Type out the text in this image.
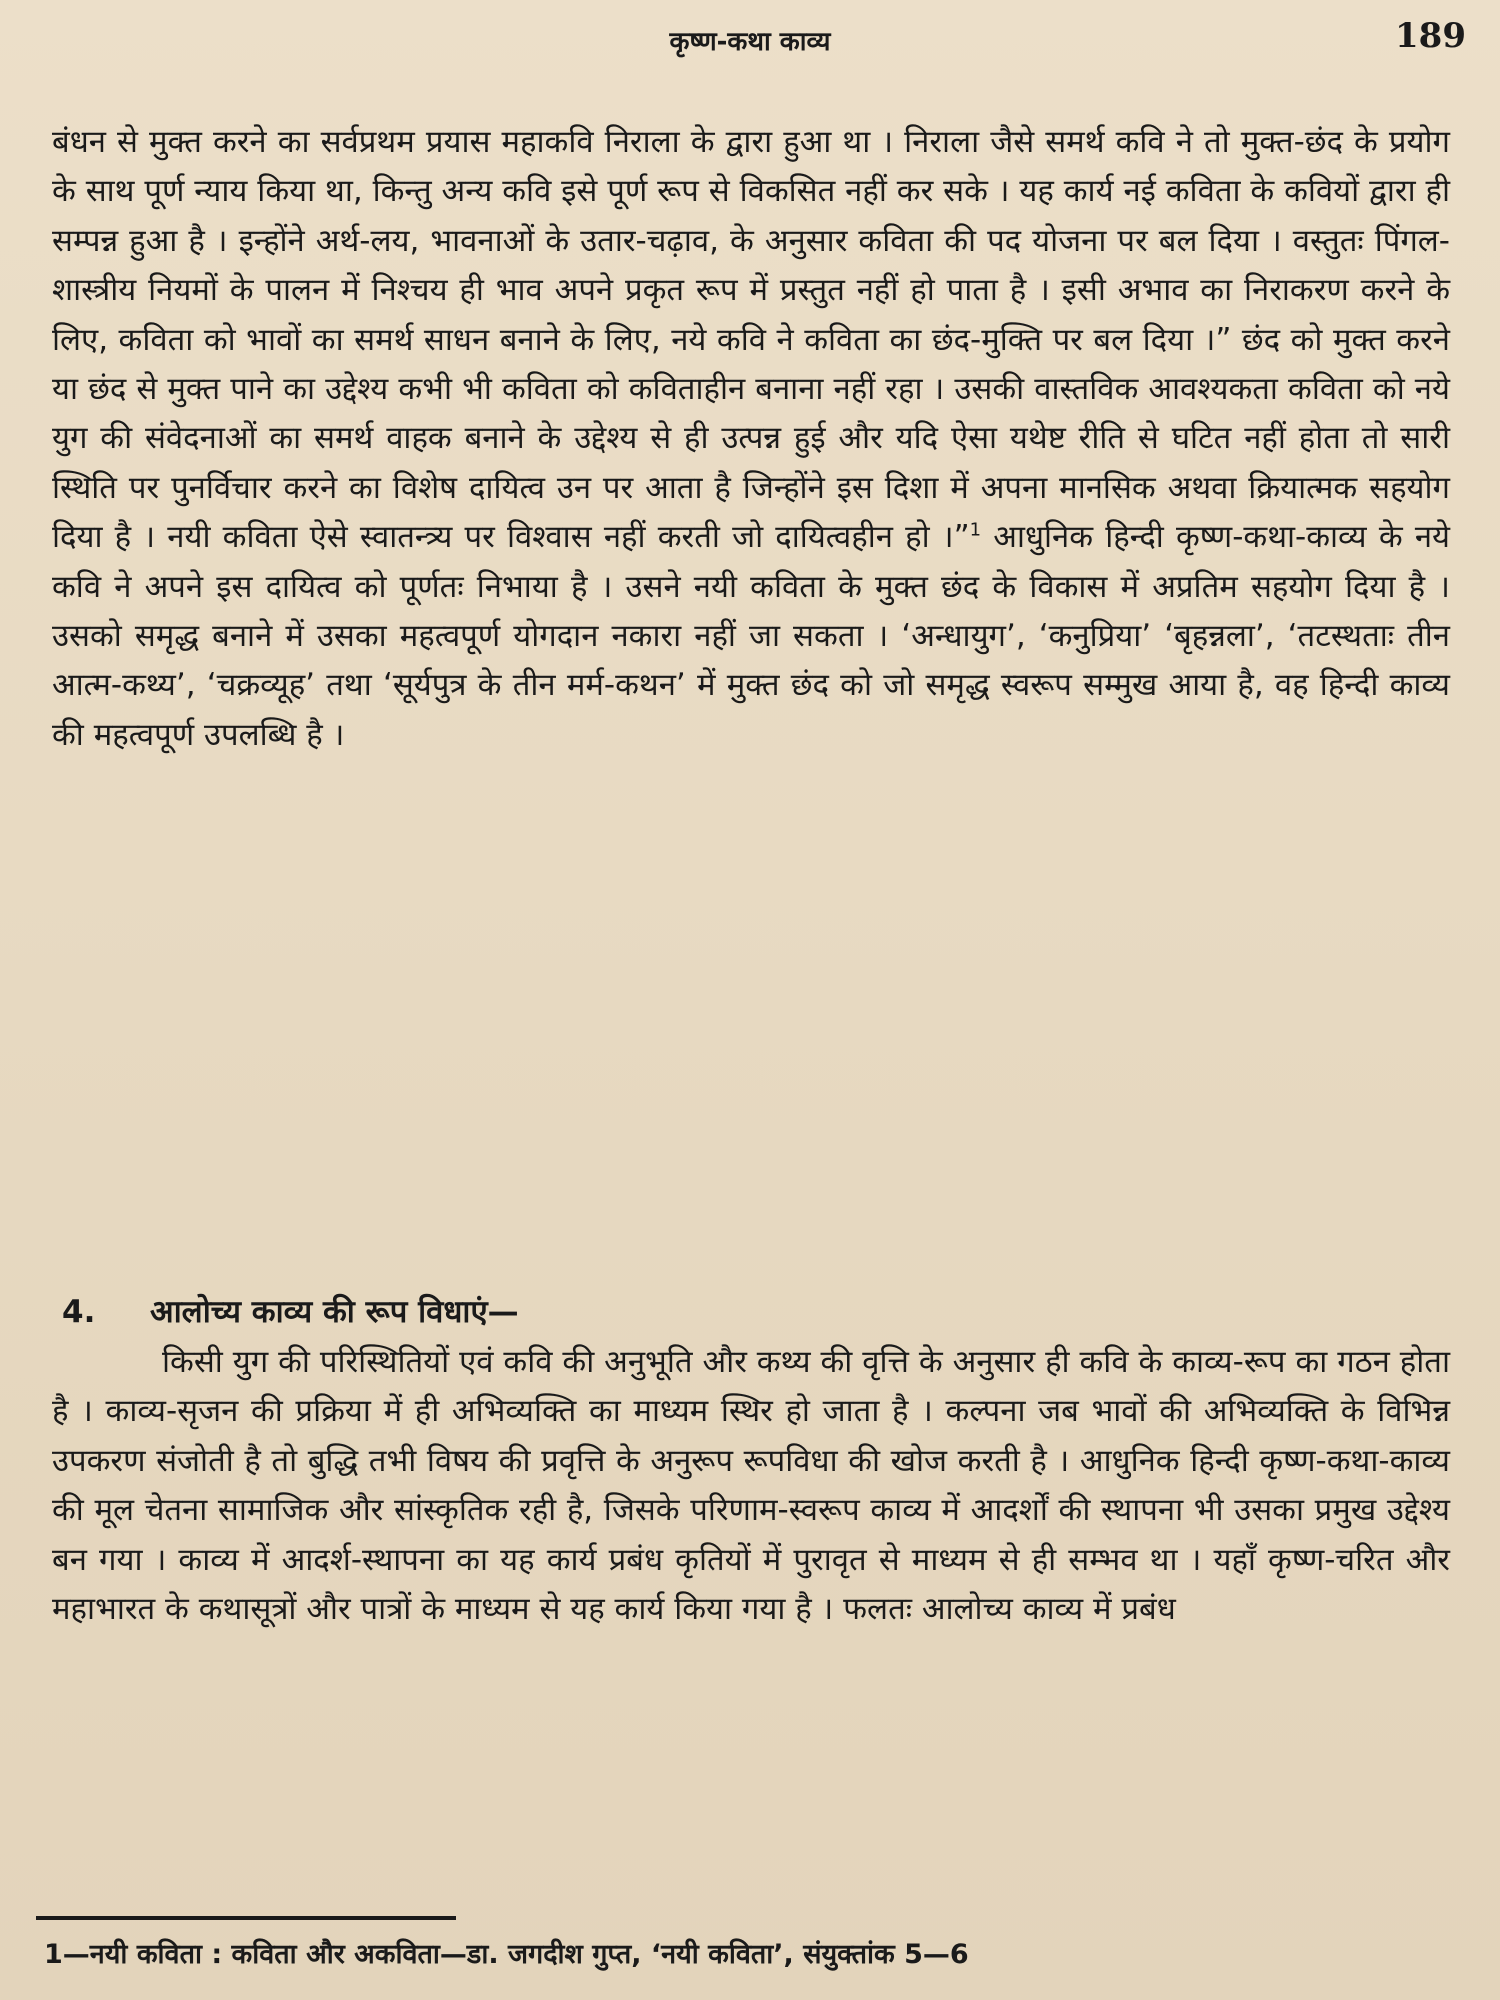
कृष्ण-कथा काव्य	189

बंधन से मुक्त करने का सर्वप्रथम प्रयास महाकवि निराला के द्वारा हुआ था । निराला जैसे समर्थ कवि ने तो मुक्त-छंद के प्रयोग के साथ पूर्ण न्याय किया था, किन्तु अन्य कवि इसे पूर्ण रूप से विकसित नहीं कर सके । यह कार्य नई कविता के कवियों द्वारा ही सम्पन्न हुआ है । इन्होंने अर्थ-लय, भावनाओं के उतार-चढ़ाव, के अनुसार कविता की पद योजना पर बल दिया । वस्तुतः पिंगल-शास्त्रीय नियमों के पालन में निश्चय ही भाव अपने प्रकृत रूप में प्रस्तुत नहीं हो पाता है । इसी अभाव का निराकरण करने के लिए, कविता को भावों का समर्थ साधन बनाने के लिए, नये कवि ने कविता का छंद-मुक्ति पर बल दिया ।” छंद को मुक्त करने या छंद से मुक्त पाने का उद्देश्य कभी भी कविता को कविताहीन बनाना नहीं रहा । उसकी वास्तविक आवश्यकता कविता को नये युग की संवेदनाओं का समर्थ वाहक बनाने के उद्देश्य से ही उत्पन्न हुई और यदि ऐसा यथेष्ट रीति से घटित नहीं होता तो सारी स्थिति पर पुनर्विचार करने का विशेष दायित्व उन पर आता है जिन्होंने इस दिशा में अपना मानसिक अथवा क्रियात्मक सहयोग दिया है । नयी कविता ऐसे स्वातन्त्र्य पर विश्वास नहीं करती जो दायित्वहीन हो ।”$^1$ आधुनिक हिन्दी कृष्ण-कथा-काव्य के नये कवि ने अपने इस दायित्व को पूर्णतः निभाया है । उसने नयी कविता के मुक्त छंद के विकास में अप्रतिम सहयोग दिया है । उसको समृद्ध बनाने में उसका महत्वपूर्ण योगदान नकारा नहीं जा सकता । ‘अन्धायुग’, ‘कनुप्रिया’ ‘बृहन्नला’, ‘तटस्थताः तीन आत्म-कथ्य’, ‘चक्रव्यूह’ तथा ‘सूर्यपुत्र के तीन मर्म-कथन’ में मुक्त छंद को जो समृद्ध स्वरूप सम्मुख आया है, वह हिन्दी काव्य की महत्वपूर्ण उपलब्धि है ।

4. आलोच्य काव्य की रूप विधाएं—

किसी युग की परिस्थितियों एवं कवि की अनुभूति और कथ्य की वृत्ति के अनुसार ही कवि के काव्य-रूप का गठन होता है । काव्य-सृजन की प्रक्रिया में ही अभिव्यक्ति का माध्यम स्थिर हो जाता है । कल्पना जब भावों की अभिव्यक्ति के विभिन्न उपकरण संजोती है तो बुद्धि तभी विषय की प्रवृत्ति के अनुरूप रूपविधा की खोज करती है । आधुनिक हिन्दी कृष्ण-कथा-काव्य की मूल चेतना सामाजिक और सांस्कृतिक रही है, जिसके परिणाम-स्वरूप काव्य में आदर्शों की स्थापना भी उसका प्रमुख उद्देश्य बन गया । काव्य में आदर्श-स्थापना का यह कार्य प्रबंध कृतियों में पुरावृत से माध्यम से ही सम्भव था । यहाँ कृष्ण-चरित और महाभारत के कथासूत्रों और पात्रों के माध्यम से यह कार्य किया गया है । फलतः आलोच्य काव्य में प्रबंध

1—नयी कविता : कविता और अकविता—डा. जगदीश गुप्त, ‘नयी कविता’, संयुक्तांक 5—6
